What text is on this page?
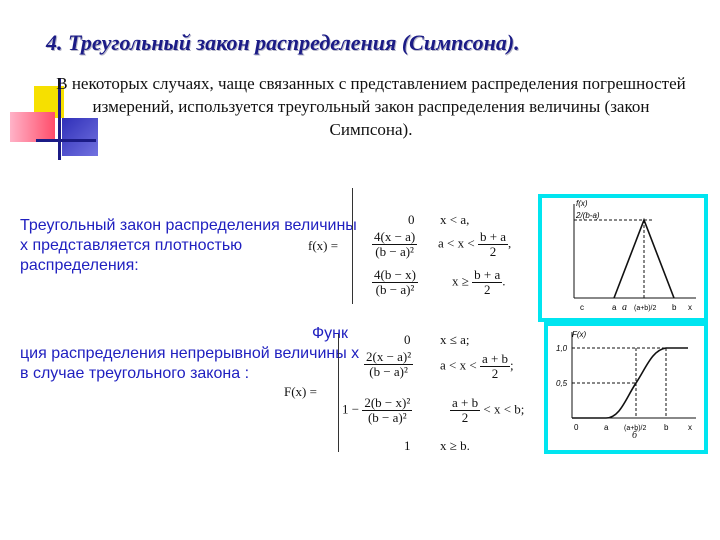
4. Треугольный закон распределения (Симпсона).
В некоторых случаях, чаще связанных с представлением распределения погрешностей измерений, используется треугольный закон распределения величины (закон Симпсона).
Треугольный закон распределения величины x представляется плотностью распределения:
Функ
ция распределения непрерывной величины x в случае треугольного закона :
f(x) =
0 x < a,
$\frac{4(x - a)}{\text{(b − a)²}}$ $a < x < \frac{b + a}{2}$ ,
$\frac{4(b - x)}{\text{(b − a)²}}$	$x \ge \frac{b + a}{2}$ .
F(x) =
0 x ≤ a;
$\frac{\text{2(x − a)²}}{\text{(b − a)²}}$ $a < x < \frac{a + b}{2}$ ;
$1 - \frac{\text{2(b − x)²}}{\text{(b − a)²}}$	$\frac{a + b}{2} < x < b$;
1 x ≥ b.
f(x)
2/(b-a)
c	a	(a+b)/2 b x
а
F(x)
1,0
0,5
0	a (a+b)/2 b x
б
